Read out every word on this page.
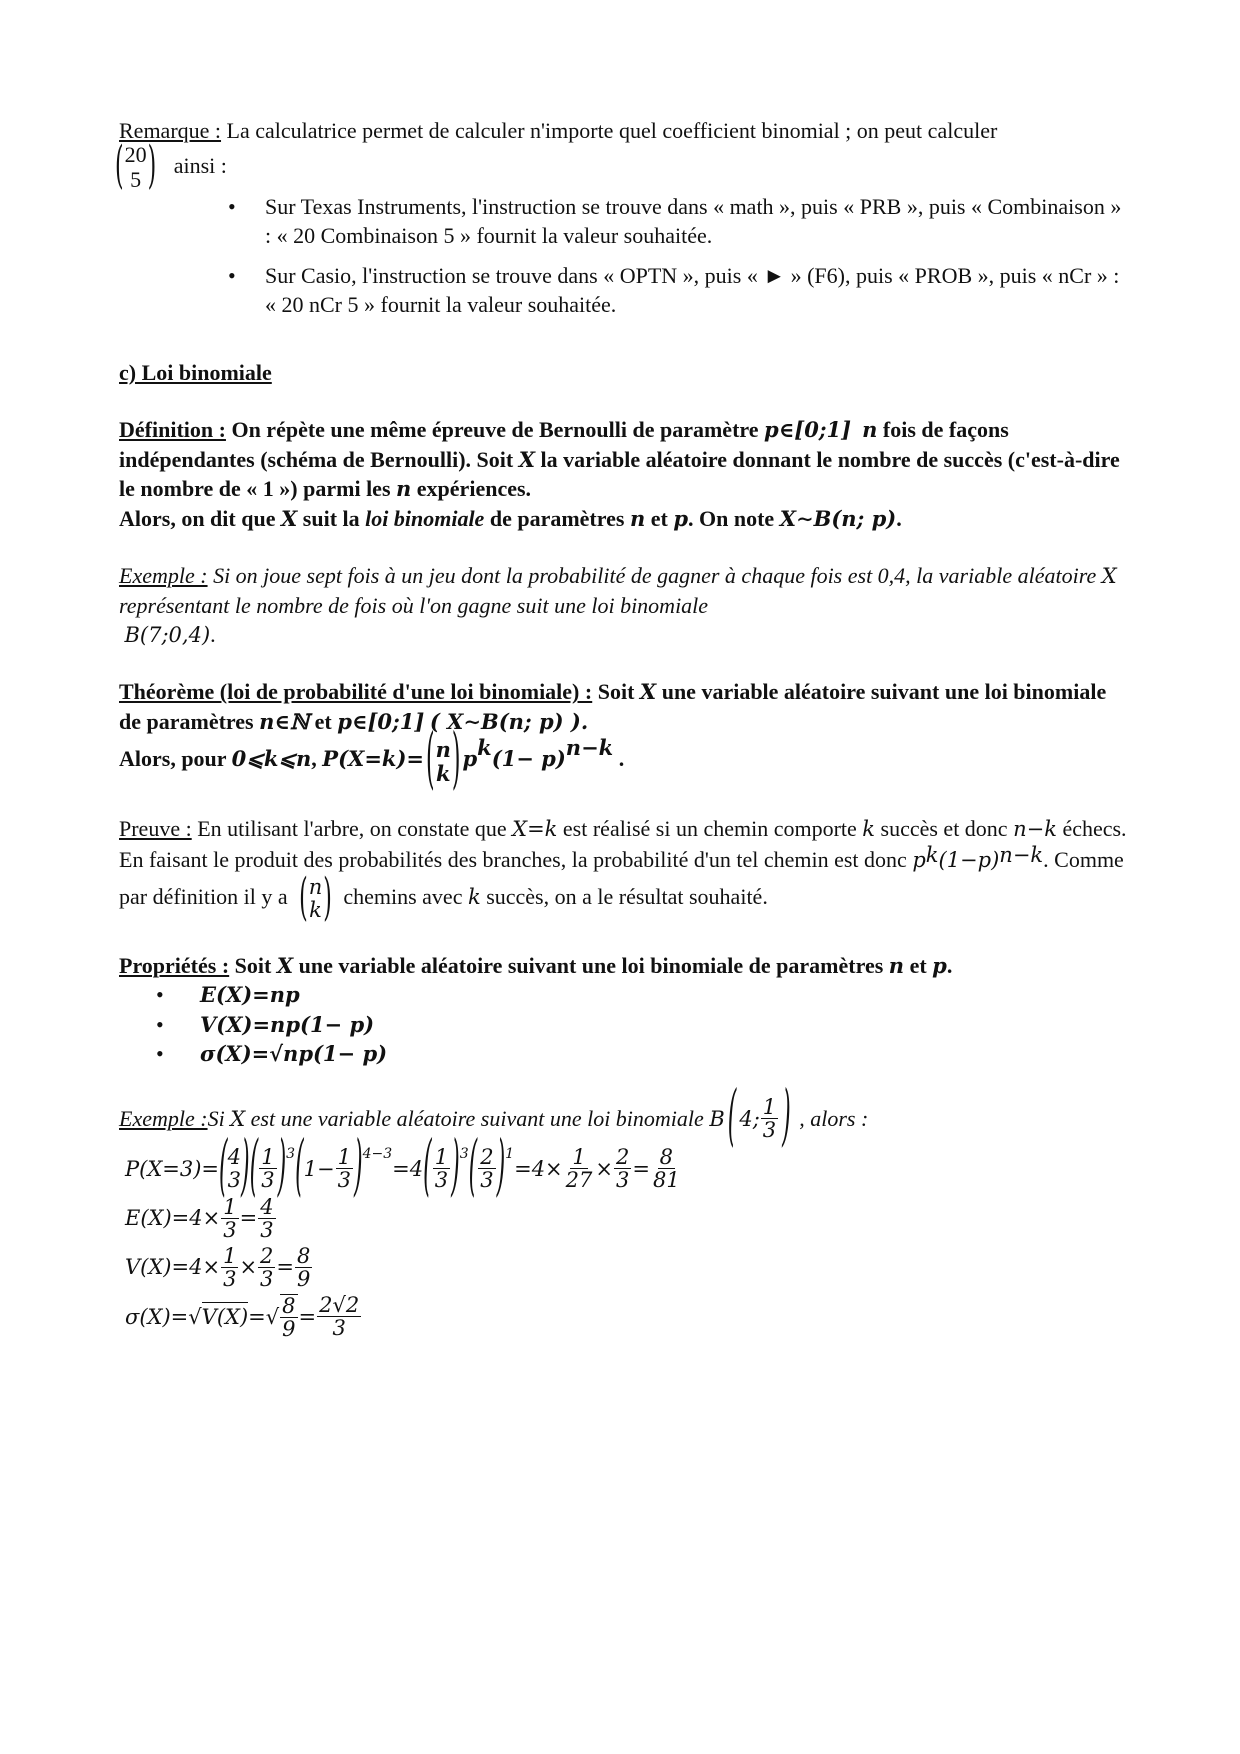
Remarque : La calculatrice permet de calculer n'importe quel coefficient binomial ; on peut calculer

( 20
5 ) ainsi :

• Sur Texas Instruments, l'instruction se trouve dans « math », puis « PRB », puis « Combinaison » : « 20 Combinaison 5 » fournit la valeur souhaitée.
• Sur Casio, l'instruction se trouve dans « OPTN », puis « ► » (F6), puis « PROB », puis « nCr » : « 20 nCr 5 » fournit la valeur souhaitée.

c) Loi binomiale

Définition : On répète une même épreuve de Bernoulli de paramètre p∈[0;1] n fois de façons indépendantes (schéma de Bernoulli). Soit X la variable aléatoire donnant le nombre de succès (c'est-à-dire le nombre de « 1 ») parmi les n expériences.
Alors, on dit que X suit la loi binomiale de paramètres n et p. On note X∼B(n; p).

Exemple : Si on joue sept fois à un jeu dont la probabilité de gagner à chaque fois est 0,4, la variable aléatoire X représentant le nombre de fois où l'on gagne suit une loi binomiale
B(7;0,4).

Théorème (loi de probabilité d'une loi binomiale) : Soit X une variable aléatoire suivant une loi binomiale de paramètres n∈ℕ et p∈[0;1] ( X∼B(n; p) ).

Alors, pour 0⩽k⩽n, P(X=k)= ( n
k ) $p^k(1- p)^{n-k}$ .

Preuve : En utilisant l'arbre, on constate que X=k est réalisé si un chemin comporte k succès et donc n−k échecs. En faisant le produit des probabilités des branches, la probabilité d'un tel chemin est donc $p^k(1-p)^{n-k}$. Comme par définition il y a ( n
k ) chemins avec k succès, on a le résultat souhaité.

Propriétés : Soit X une variable aléatoire suivant une loi binomiale de paramètres n et p.

• E(X)=np
• V(X)=np(1− p)
• σ(X)=√np(1− p)

Exemple : Si
X
est une variable aléatoire suivant une loi binomiale
B ( 4; $\frac{1}{3}$ )
, alors :

P(X=3)= ( 4
3 ) ( $\frac{1}{3} )^3$ ( $1- \frac{1}{3} )^{4-3}$
=4 ( $\frac{1}{3} )^3$ ( $\frac{2}{3} )^1$
$=4\times \frac{1}{27} \times \frac{2}{3} = \frac{8}{81}$
$E(X)=4\times \frac{1}{3} = \frac{4}{3}$
$V(X)=4\times \frac{1}{3} \times \frac{2}{3} = \frac{8}{9}$
σ(X)=√ V(X) =√ $\frac{8}{9} = \frac{2√2}{3}$
